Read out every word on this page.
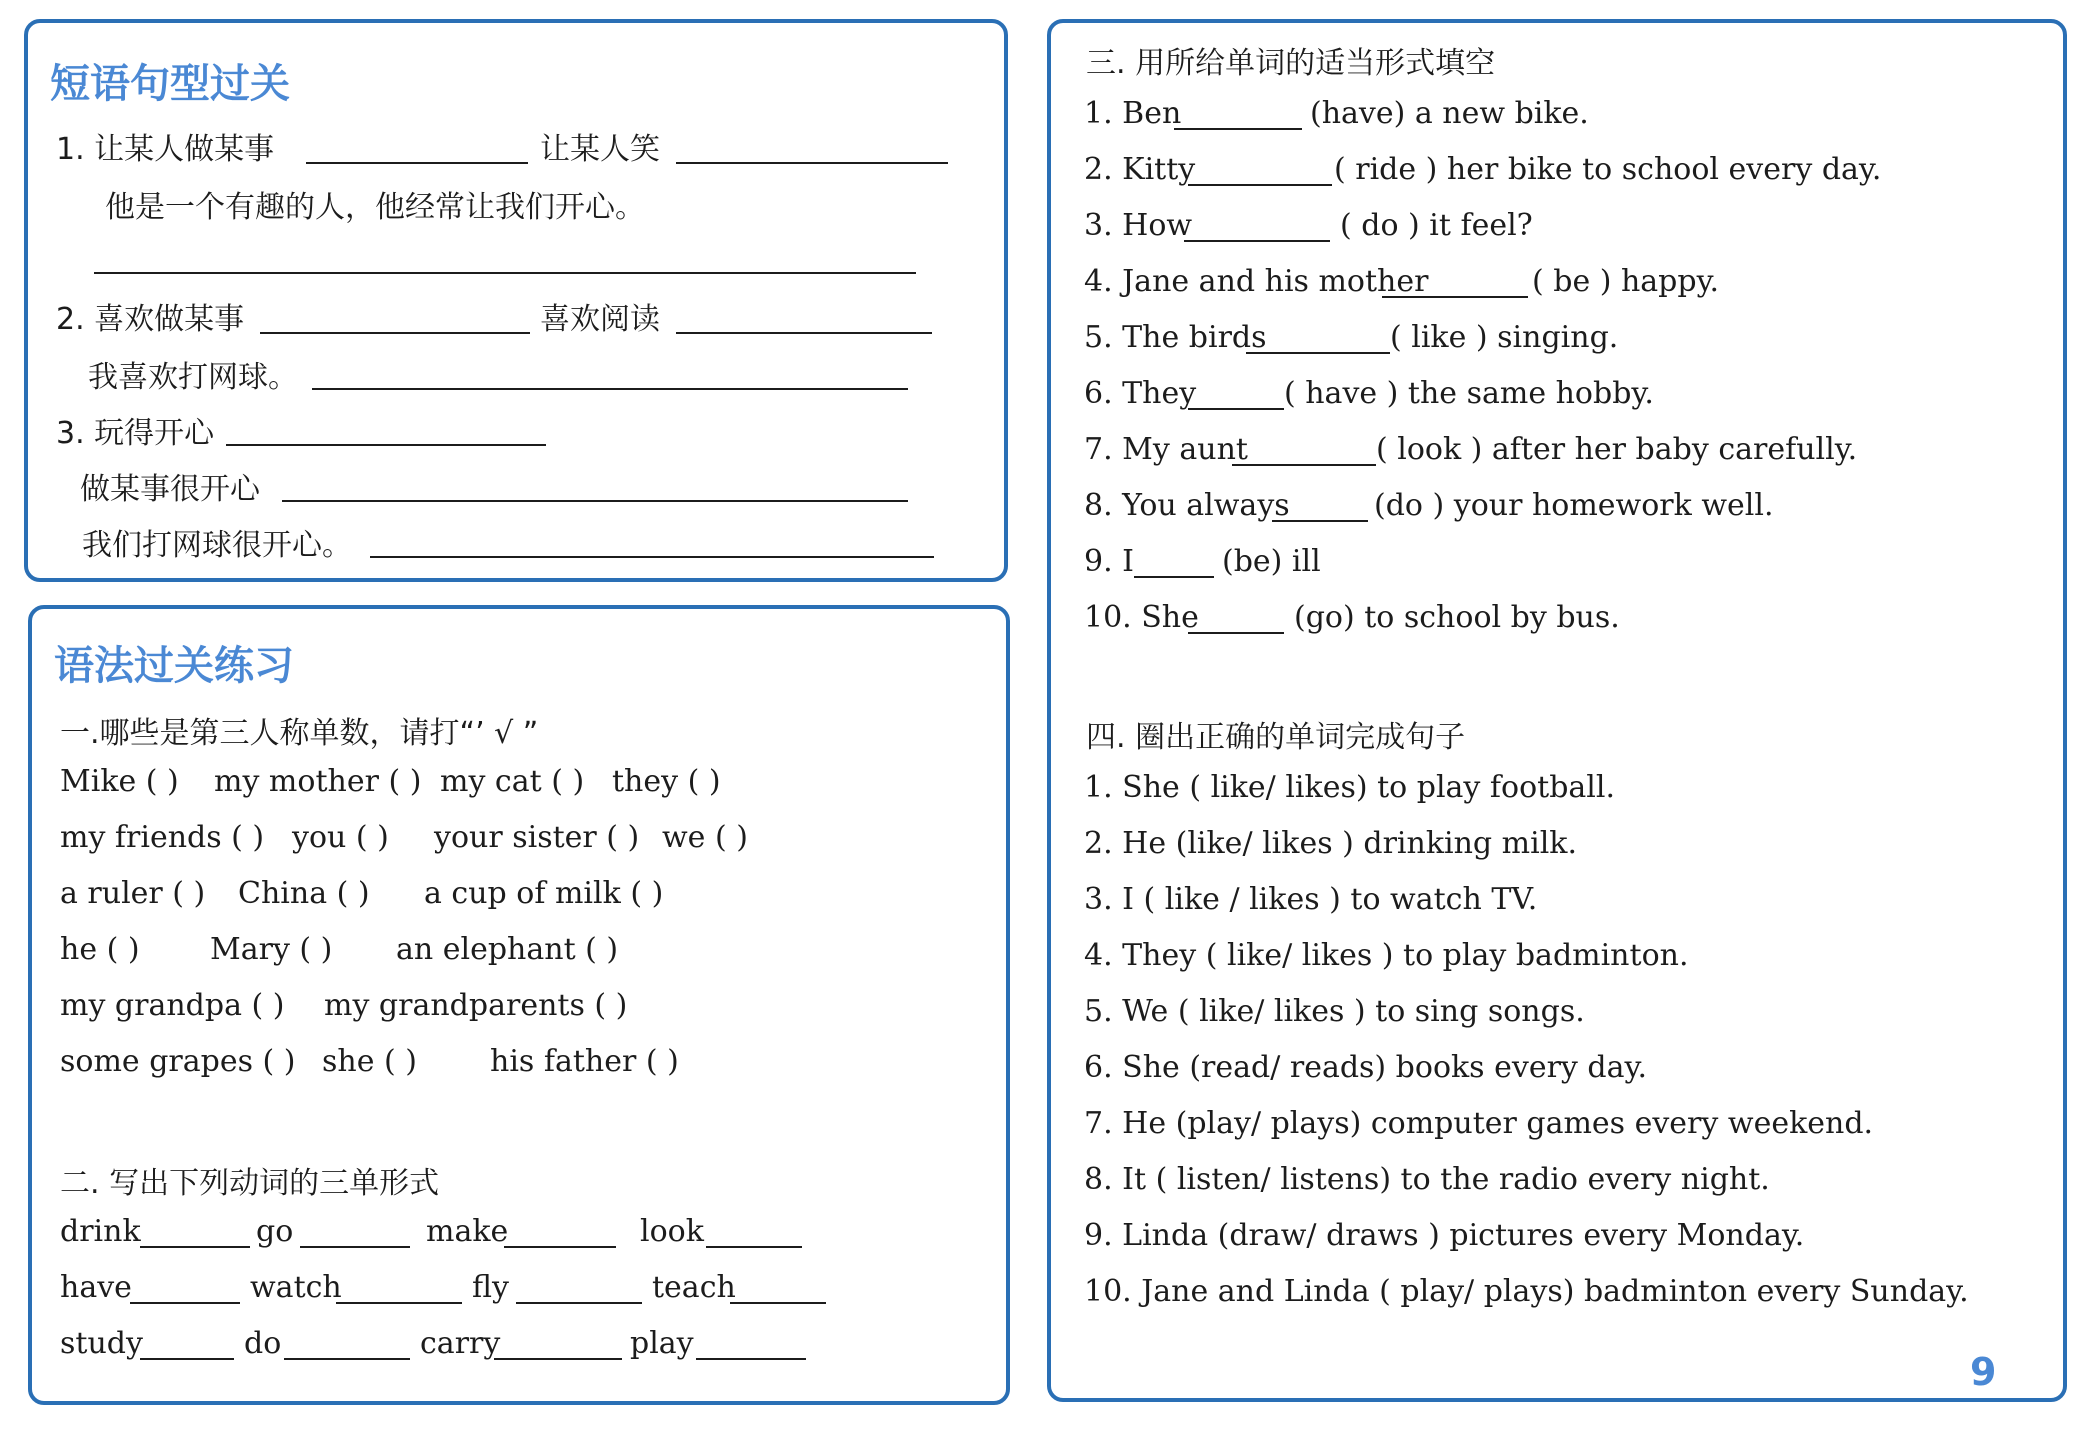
短语句型过关
1. 让某人做某事	让某人笑
他是一个有趣的人，他经常让我们开心。
2. 喜欢做某事	喜欢阅读
我喜欢打网球。
3. 玩得开心
做某事很开心
我们打网球很开心。
语法过关练习
一.哪些是第三人称单数，请打“’ √ ”
Mike ( ) my mother ( ) my cat ( ) they ( )
my friends ( ) you ( ) your sister ( ) we ( )
a ruler ( ) China ( ) a cup of milk ( )
he ( ) Mary ( ) an elephant ( )
my grandpa ( ) my grandparents ( )
some grapes ( ) she ( ) his father ( )
二. 写出下列动词的三单形式
drink	go	make	look
have	watch	fly	teach
study	do	carry	play
三. 用所给单词的适当形式填空
1. Ben	(have) a new bike.
2. Kitty	( ride ) her bike to school every day.
3. How	( do ) it feel?
4. Jane and his mother	( be ) happy.
5. The birds	( like ) singing.
6. They	( have ) the same hobby.
7. My aunt	( look ) after her baby carefully.
8. You always	(do ) your homework well.
9. I	(be) ill
10. She	(go) to school by bus.
四. 圈出正确的单词完成句子
1. She ( like/ likes) to play football.
2. He (like/ likes ) drinking milk.
3. I ( like / likes ) to watch TV.
4. They ( like/ likes ) to play badminton.
5. We ( like/ likes ) to sing songs.
6. She (read/ reads) books every day.
7. He (play/ plays) computer games every weekend.
8. It ( listen/ listens) to the radio every night.
9. Linda (draw/ draws ) pictures every Monday.
10. Jane and Linda ( play/ plays) badminton every Sunday.
9
